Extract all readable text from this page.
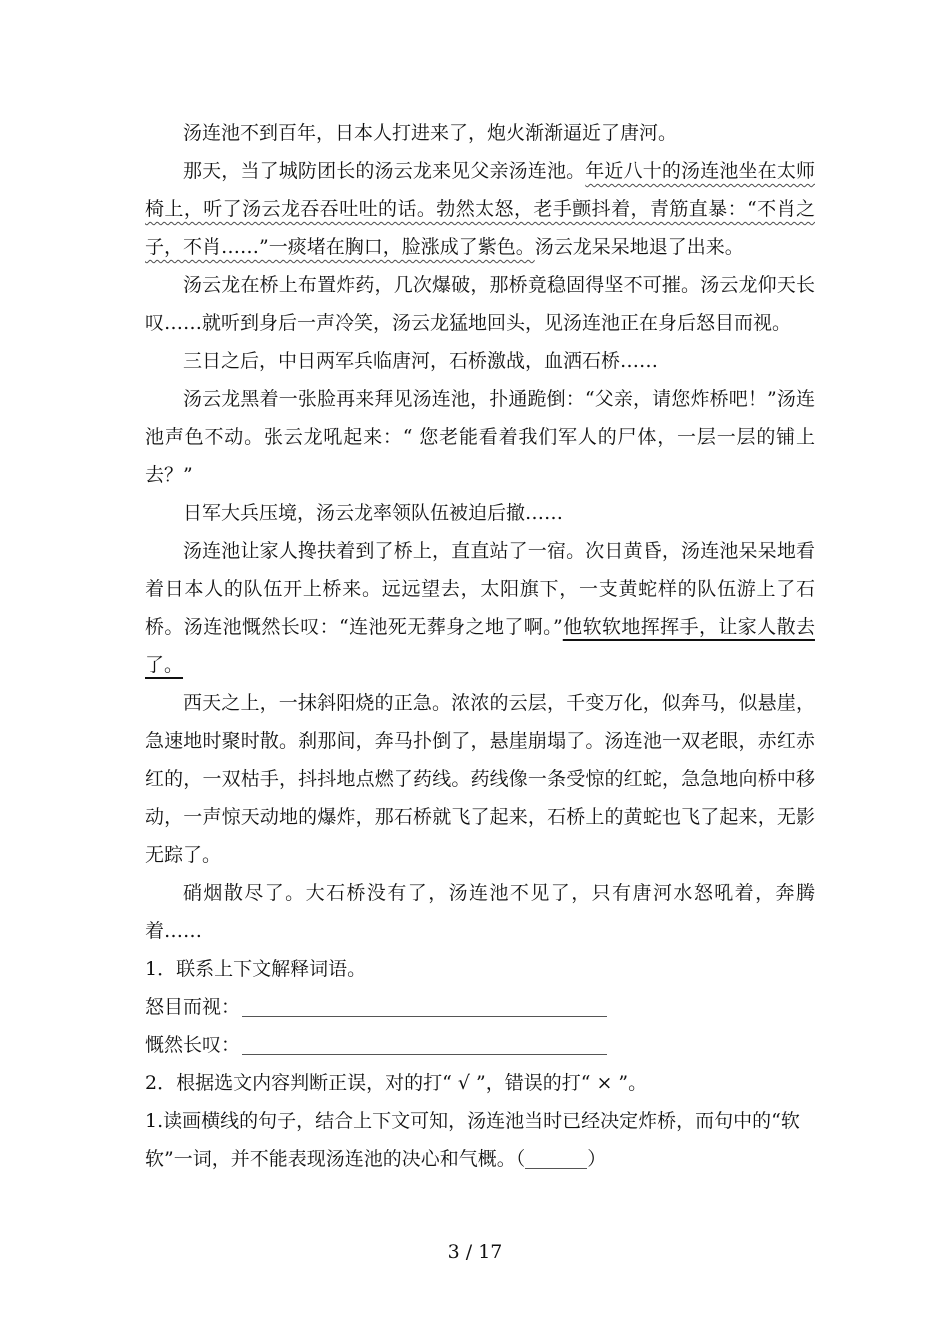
汤连池不到百年，日本人打进来了，炮火渐渐逼近了唐河。

那天，当了城防团长的汤云龙来见父亲汤连池。年近八十的汤连池坐在太师椅上，听了汤云龙吞吞吐吐的话。勃然太怒，老手颤抖着，青筋直暴：“不肖之子，不肖……”一痰堵在胸口，脸涨成了紫色。汤云龙呆呆地退了出来。

汤云龙在桥上布置炸药，几次爆破，那桥竟稳固得坚不可摧。汤云龙仰天长叹……就听到身后一声冷笑，汤云龙猛地回头，见汤连池正在身后怒目而视。

三日之后，中日两军兵临唐河，石桥激战，血洒石桥……

汤云龙黑着一张脸再来拜见汤连池，扑通跪倒：“父亲，请您炸桥吧！”汤连池声色不动。张云龙吼起来：“ 您老能看着我们军人的尸体，一层一层的铺上去？”

日军大兵压境，汤云龙率领队伍被迫后撤……

汤连池让家人搀扶着到了桥上，直直站了一宿。次日黄昏，汤连池呆呆地看着日本人的队伍开上桥来。远远望去，太阳旗下，一支黄蛇样的队伍游上了石桥。汤连池慨然长叹：“连池死无葬身之地了啊。”他软软地挥挥手，让家人散去了。

西天之上，一抹斜阳烧的正急。浓浓的云层，千变万化，似奔马，似悬崖，急速地时聚时散。刹那间，奔马扑倒了，悬崖崩塌了。汤连池一双老眼，赤红赤红的，一双枯手，抖抖地点燃了药线。药线像一条受惊的红蛇，急急地向桥中移动，一声惊天动地的爆炸，那石桥就飞了起来，石桥上的黄蛇也飞了起来，无影无踪了。

硝烟散尽了。大石桥没有了，汤连池不见了，只有唐河水怒吼着，奔腾着……

1．联系上下文解释词语。

怒目而视：

慨然长叹：

2．根据选文内容判断正误，对的打“ √ ”，错误的打“ × ”。

1.读画横线的句子，结合上下文可知，汤连池当时已经决定炸桥，而句中的“软软”一词，并不能表现汤连池的决心和气概。（	）

3 / 17
